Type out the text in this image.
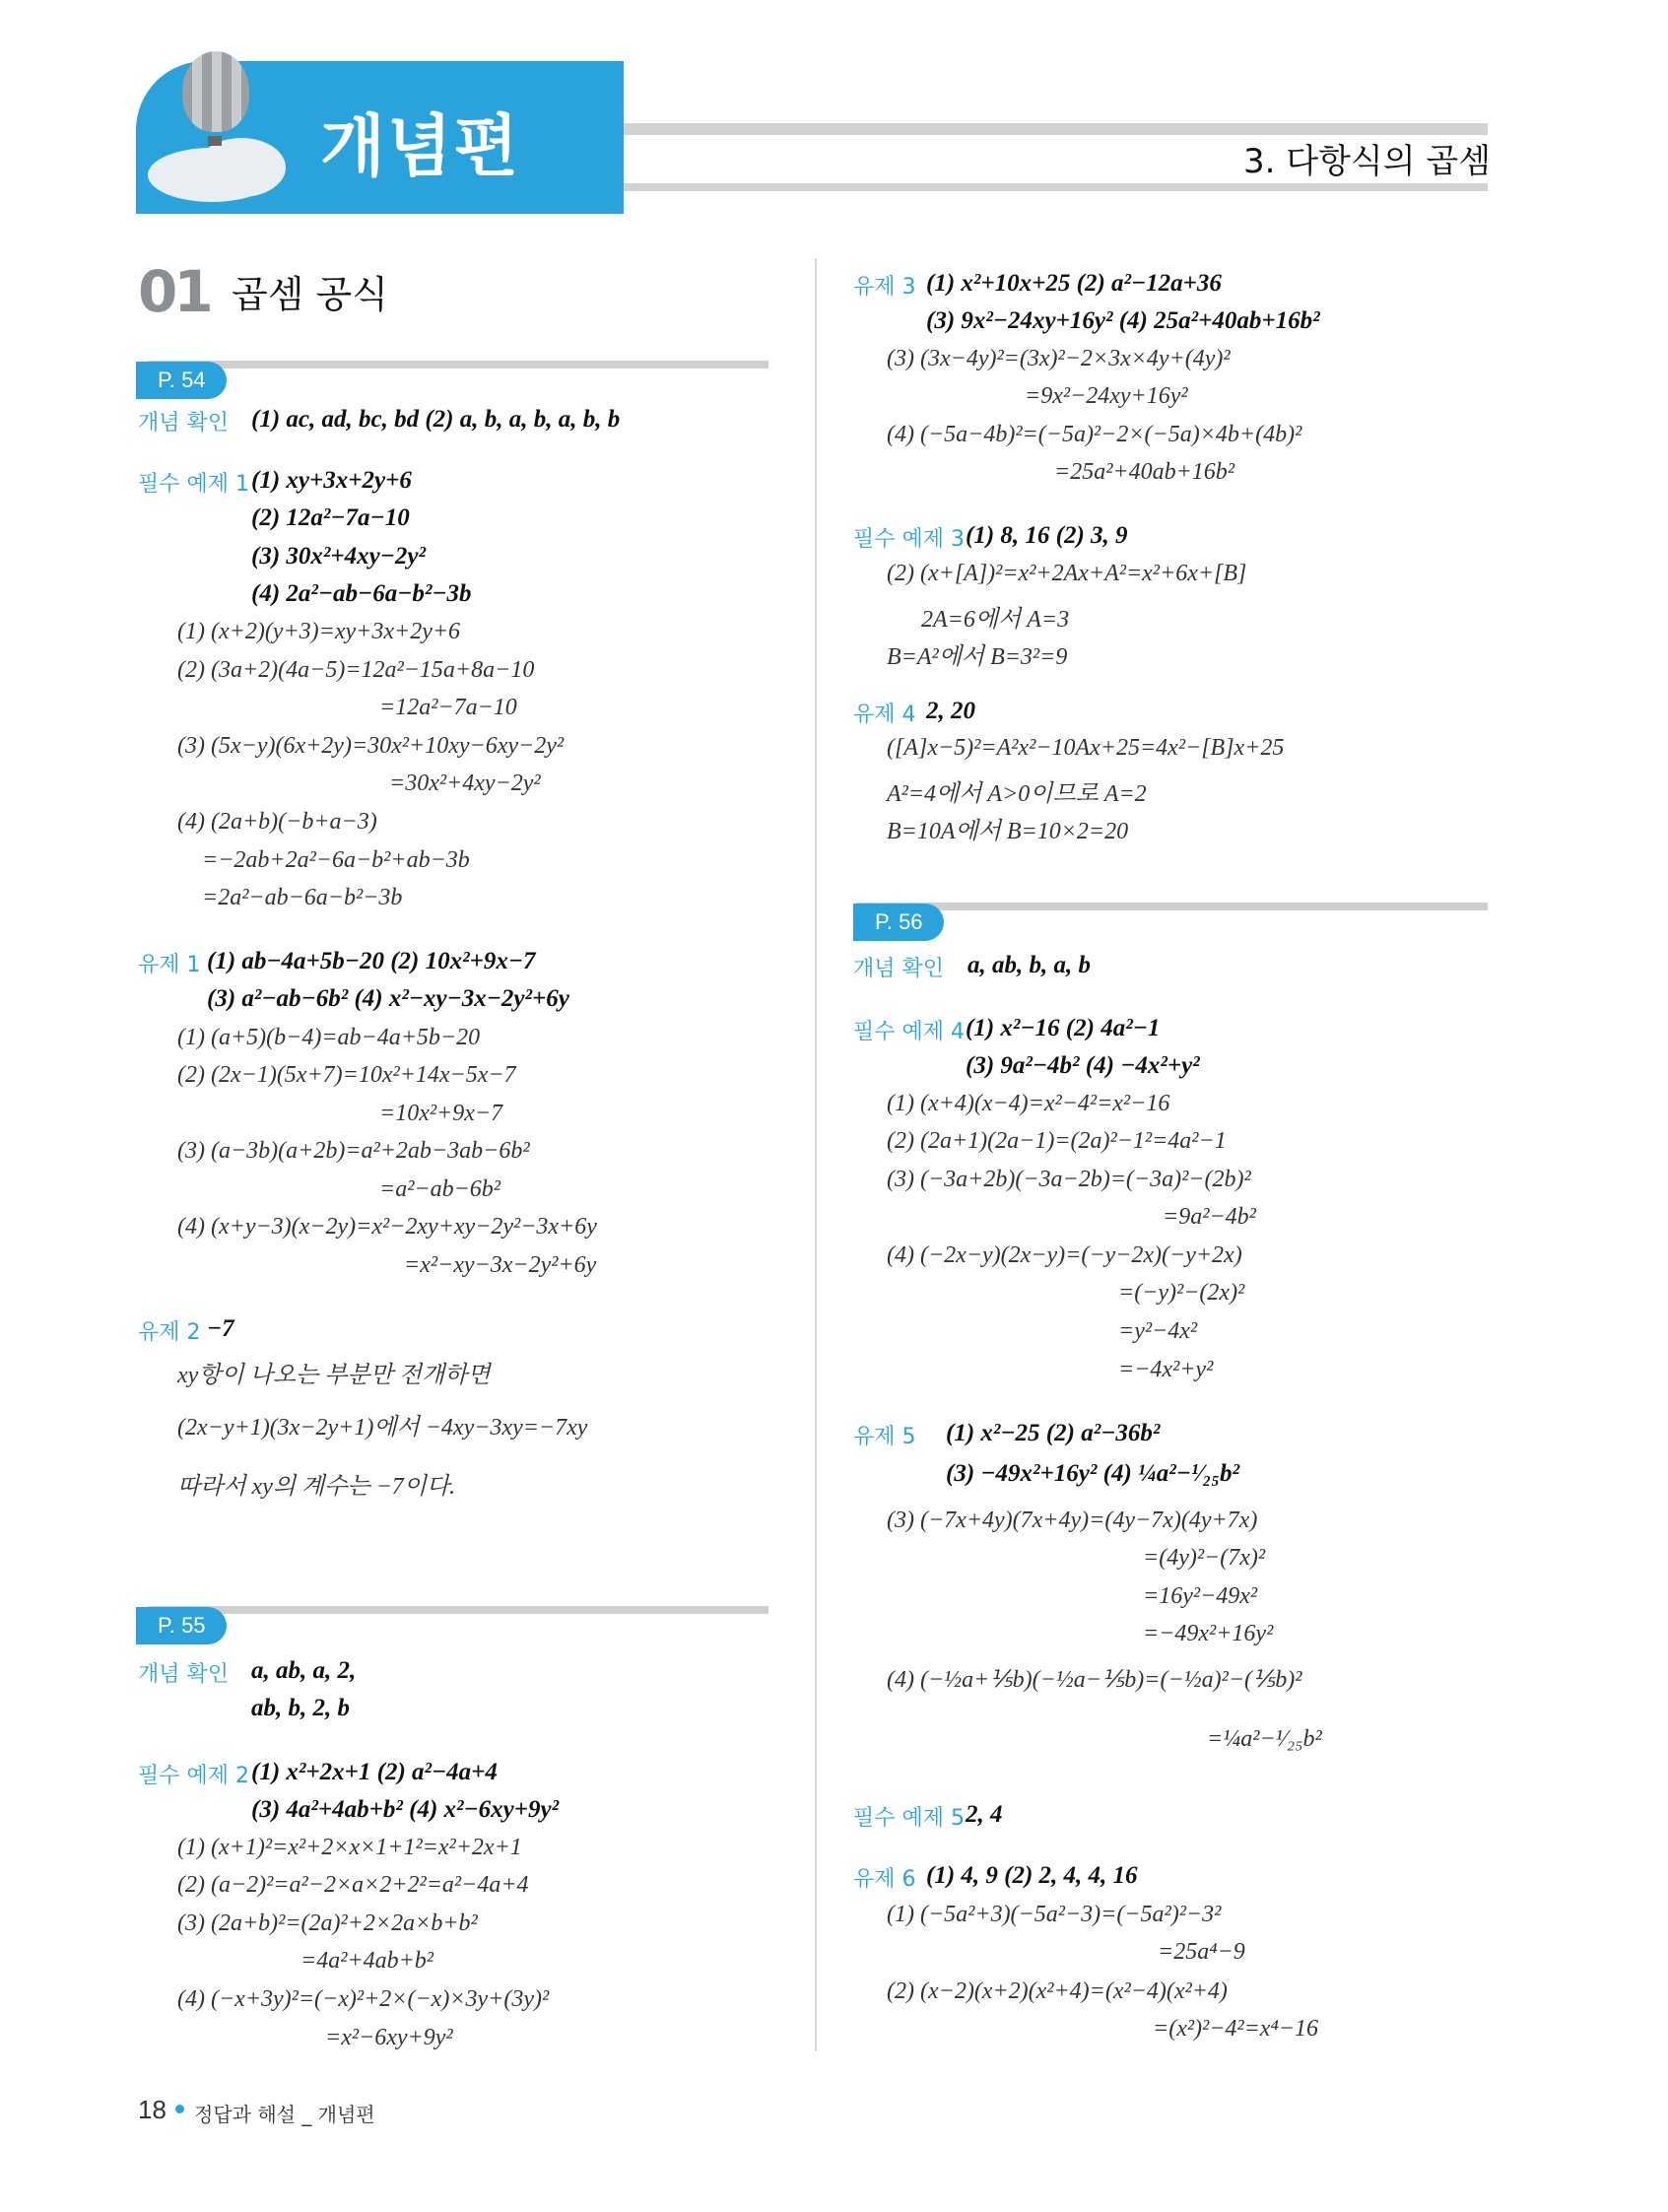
개념편	3. 다항식의 곱셈
01 곱셈 공식
P. 54
P. 55
P. 56
개념 확인 (1) ac, ad, bc, bd (2) a, b, a, b, a, b, b
필수 예제 1 (1) xy+3x+2y+6
(2) 12a²−7a−10
(3) 30x²+4xy−2y²
(4) 2a²−ab−6a−b²−3b
(1) (x+2)(y+3)=xy+3x+2y+6
(2) (3a+2)(4a−5)=12a²−15a+8a−10
=12a²−7a−10
(3) (5x−y)(6x+2y)=30x²+10xy−6xy−2y²
=30x²+4xy−2y²
(4) (2a+b)(−b+a−3)
=−2ab+2a²−6a−b²+ab−3b
=2a²−ab−6a−b²−3b
유제 1 (1) ab−4a+5b−20 (2) 10x²+9x−7
(3) a²−ab−6b² (4) x²−xy−3x−2y²+6y
(1) (a+5)(b−4)=ab−4a+5b−20
(2) (2x−1)(5x+7)=10x²+14x−5x−7
=10x²+9x−7
(3) (a−3b)(a+2b)=a²+2ab−3ab−6b²
=a²−ab−6b²
(4) (x+y−3)(x−2y)=x²−2xy+xy−2y²−3x+6y
=x²−xy−3x−2y²+6y
유제 2 −7
xy항이 나오는 부분만 전개하면
(2x−y+1)(3x−2y+1)에서 −4xy−3xy=−7xy
따라서 xy의 계수는 −7이다.
개념 확인 a, ab, a, 2,
ab, b, 2, b
필수 예제 2 (1) x²+2x+1 (2) a²−4a+4
(3) 4a²+4ab+b² (4) x²−6xy+9y²
(1) (x+1)²=x²+2×x×1+1²=x²+2x+1
(2) (a−2)²=a²−2×a×2+2²=a²−4a+4
(3) (2a+b)²=(2a)²+2×2a×b+b²
=4a²+4ab+b²
(4) (−x+3y)²=(−x)²+2×(−x)×3y+(3y)²
=x²−6xy+9y²
유제 3 (1) x²+10x+25 (2) a²−12a+36
(3) 9x²−24xy+16y² (4) 25a²+40ab+16b²
(3) (3x−4y)²=(3x)²−2×3x×4y+(4y)²
=9x²−24xy+16y²
(4) (−5a−4b)²=(−5a)²−2×(−5a)×4b+(4b)²
=25a²+40ab+16b²
필수 예제 3 (1) 8, 16 (2) 3, 9
(2) (x+[A])²=x²+2Ax+A²=x²+6x+[B]
2A=6에서 A=3
B=A²에서 B=3²=9
유제 4 2, 20
([A]x−5)²=A²x²−10Ax+25=4x²−[B]x+25
A²=4에서 A>0이므로 A=2
B=10A에서 B=10×2=20
개념 확인 a, ab, b, a, b
필수 예제 4 (1) x²−16 (2) 4a²−1
(3) 9a²−4b² (4) −4x²+y²
(1) (x+4)(x−4)=x²−4²=x²−16
(2) (2a+1)(2a−1)=(2a)²−1²=4a²−1
(3) (−3a+2b)(−3a−2b)=(−3a)²−(2b)²
=9a²−4b²
(4) (−2x−y)(2x−y)=(−y−2x)(−y+2x)
=(−y)²−(2x)²
=y²−4x²
=−4x²+y²
유제 5 (1) x²−25 (2) a²−36b²
(3) −49x²+16y² (4) ¼a²−¹⁄₂₅b²
(3) (−7x+4y)(7x+4y)=(4y−7x)(4y+7x)
=(4y)²−(7x)²
=16y²−49x²
=−49x²+16y²
(4) (−½a+⅕b)(−½a−⅕b)=(−½a)²−(⅕b)²
=¼a²−¹⁄₂₅b²
필수 예제 5 2, 4
유제 6 (1) 4, 9 (2) 2, 4, 4, 16
(1) (−5a²+3)(−5a²−3)=(−5a²)²−3²
=25a⁴−9
(2) (x−2)(x+2)(x²+4)=(x²−4)(x²+4)
=(x²)²−4²=x⁴−16
18 정답과 해설 _ 개념편
